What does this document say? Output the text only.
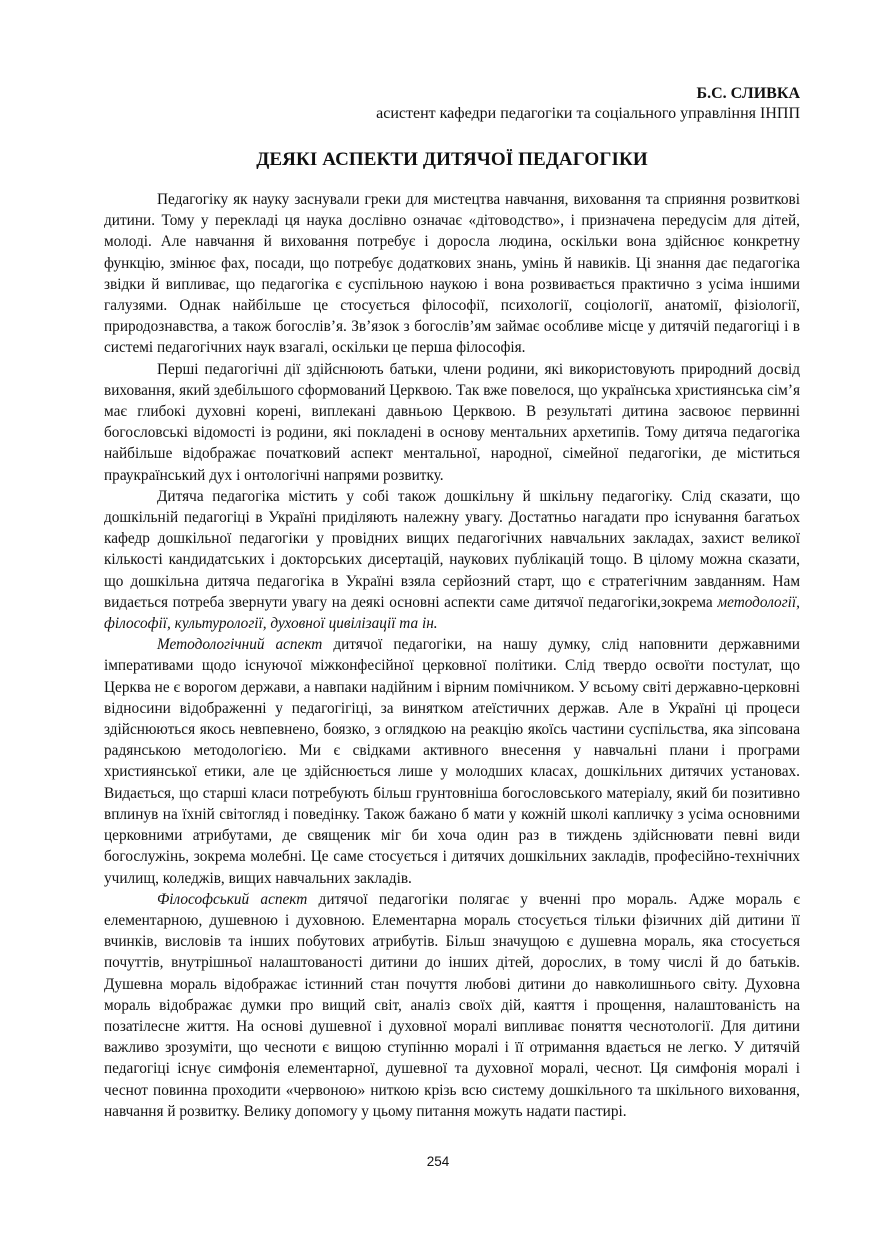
Б.С. СЛИВКА

асистент кафедри педагогіки та соціального управління ІНПП

ДЕЯКІ АСПЕКТИ ДИТЯЧОЇ ПЕДАГОГІКИ

Педагогіку як науку заснували греки для мистецтва навчання, виховання та сприяння розвиткові дитини. Тому у перекладі ця наука дослівно означає «дітоводство», і призначена передусім для дітей, молоді. Але навчання й виховання потребує і доросла людина, оскільки вона здійснює конкретну функцію, змінює фах, посади, що потребує додаткових знань, умінь й навиків. Ці знання дає педагогіка звідки й випливає, що педагогіка є суспільною наукою і вона розвивається практично з усіма іншими галузями. Однак найбільше це стосується філософії, психології, соціології, анатомії, фізіології, природознавства, а також богослів’я. Зв’язок з богослів’ям займає особливе місце у дитячій педагогіці і в системі педагогічних наук взагалі, оскільки це перша філософія.

Перші педагогічні дії здійснюють батьки, члени родини, які використовують природний досвід виховання, який здебільшого сформований Церквою. Так вже повелося, що українська християнська сім’я має глибокі духовні корені, виплекані давньою Церквою. В результаті дитина засвоює первинні богословські відомості із родини, які покладені в основу ментальних архетипів. Тому дитяча педагогіка найбільше відображає початковий аспект ментальної, народної, сімейної педагогіки, де міститься праукраїнський дух і онтологічні напрями розвитку.

Дитяча педагогіка містить у собі також дошкільну й шкільну педагогіку. Слід сказати, що дошкільній педагогіці в Україні приділяють належну увагу. Достатньо нагадати про існування багатьох кафедр дошкільної педагогіки у провідних вищих педагогічних навчальних закладах, захист великої кількості кандидатських і докторських дисертацій, наукових публікацій тощо. В цілому можна сказати, що дошкільна дитяча педагогіка в Україні взяла серйозний старт, що є стратегічним завданням. Нам видається потреба звернути увагу на деякі основні аспекти саме дитячої педагогіки,зокрема методології, філософії, культурології, духовної цивілізації та ін.

Методологічний аспект дитячої педагогіки, на нашу думку, слід наповнити державними імперативами щодо існуючої міжконфесійної церковної політики. Слід твердо освоїти постулат, що Церква не є ворогом держави, а навпаки надійним і вірним помічником. У всьому світі державно-церковні відносини відображенні у педагогігіці, за винятком атеїстичних держав. Але в Україні ці процеси здійснюються якось невпевнено, боязко, з оглядкою на реакцію якоїсь частини суспільства, яка зіпсована радянською методологією. Ми є свідками активного внесення у навчальні плани і програми християнської етики, але це здійснюється лише у молодших класах, дошкільних дитячих установах. Видається, що старші класи потребують більш грунтовніша богословського матеріалу, який би позитивно вплинув на їхній світогляд і поведінку. Також бажано б мати у кожній школі капличку з усіма основними церковними атрибутами, де священик міг би хоча один раз в тиждень здійснювати певні види богослужінь, зокрема молебні. Це саме стосується і дитячих дошкільних закладів, професійно-технічних училищ, коледжів, вищих навчальних закладів.

Філософський аспект дитячої педагогіки полягає у вченні про мораль. Адже мораль є елементарною, душевною і духовною. Елементарна мораль стосується тільки фізичних дій дитини її вчинків, висловів та інших побутових атрибутів. Більш значущою є душевна мораль, яка стосується почуттів, внутрішньої налаштованості дитини до інших дітей, дорослих, в тому числі й до батьків. Душевна мораль відображає істинний стан почуття любові дитини до навколишнього світу. Духовна мораль відображає думки про вищий світ, аналіз своїх дій, каяття і прощення, налаштованість на позатілесне життя. На основі душевної і духовної моралі випливає поняття чеснотології. Для дитини важливо зрозуміти, що чесноти є вищою ступінню моралі і її отримання вдається не легко. У дитячій педагогіці існує симфонія елементарної, душевної та духовної моралі, чеснот. Ця симфонія моралі і чеснот повинна проходити «червоною» ниткою крізь всю систему дошкільного та шкільного виховання, навчання й розвитку. Велику допомогу у цьому питання можуть надати пастирі.

254
